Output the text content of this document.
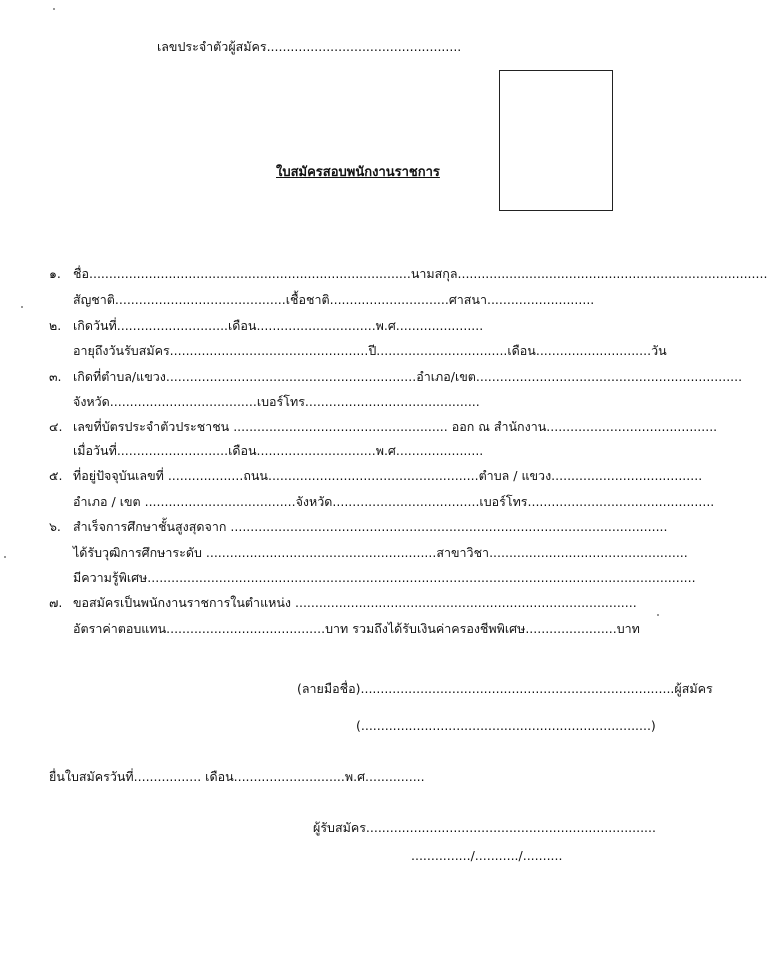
เลขประจำตัวผู้สมัคร.................................................
ใบสมัครสอบพนักงานราชการ
๑. ชื่อ.................................................................................นามสกุล..............................................................................
สัญชาติ...........................................เชื้อชาติ..............................ศาสนา...........................
๒. เกิดวันที่............................เดือน..............................พ.ศ......................
อายุถึงวันรับสมัคร..................................................ปี.................................เดือน.............................วัน
๓. เกิดที่ตำบล/แขวง...............................................................อำเภอ/เขต...................................................................
จังหวัด.....................................เบอร์โทร............................................
๔. เลขที่บัตรประจำตัวประชาชน ...................................................... ออก ณ สำนักงาน...........................................
เมื่อวันที่............................เดือน..............................พ.ศ......................
๕. ที่อยู่ปัจจุบันเลขที่ ...................ถนน.....................................................ตำบล / แขวง......................................
อำเภอ / เขต ......................................จังหวัด.....................................เบอร์โทร...............................................
๖. สำเร็จการศึกษาชั้นสูงสุดจาก ..............................................................................................................
ได้รับวุฒิการศึกษาระดับ ..........................................................สาขาวิชา..................................................
มีความรู้พิเศษ..........................................................................................................................................
๗. ขอสมัครเป็นพนักงานราชการในตำแหน่ง ......................................................................................
อัตราค่าตอบแทน........................................บาท รวมถึงได้รับเงินค่าครองชีพพิเศษ.......................บาท
(ลายมือชื่อ)...............................................................................ผู้สมัคร
(.........................................................................)
ยื่นใบสมัครวันที่................. เดือน............................พ.ศ...............
ผู้รับสมัคร.........................................................................
.............../.........../..........
